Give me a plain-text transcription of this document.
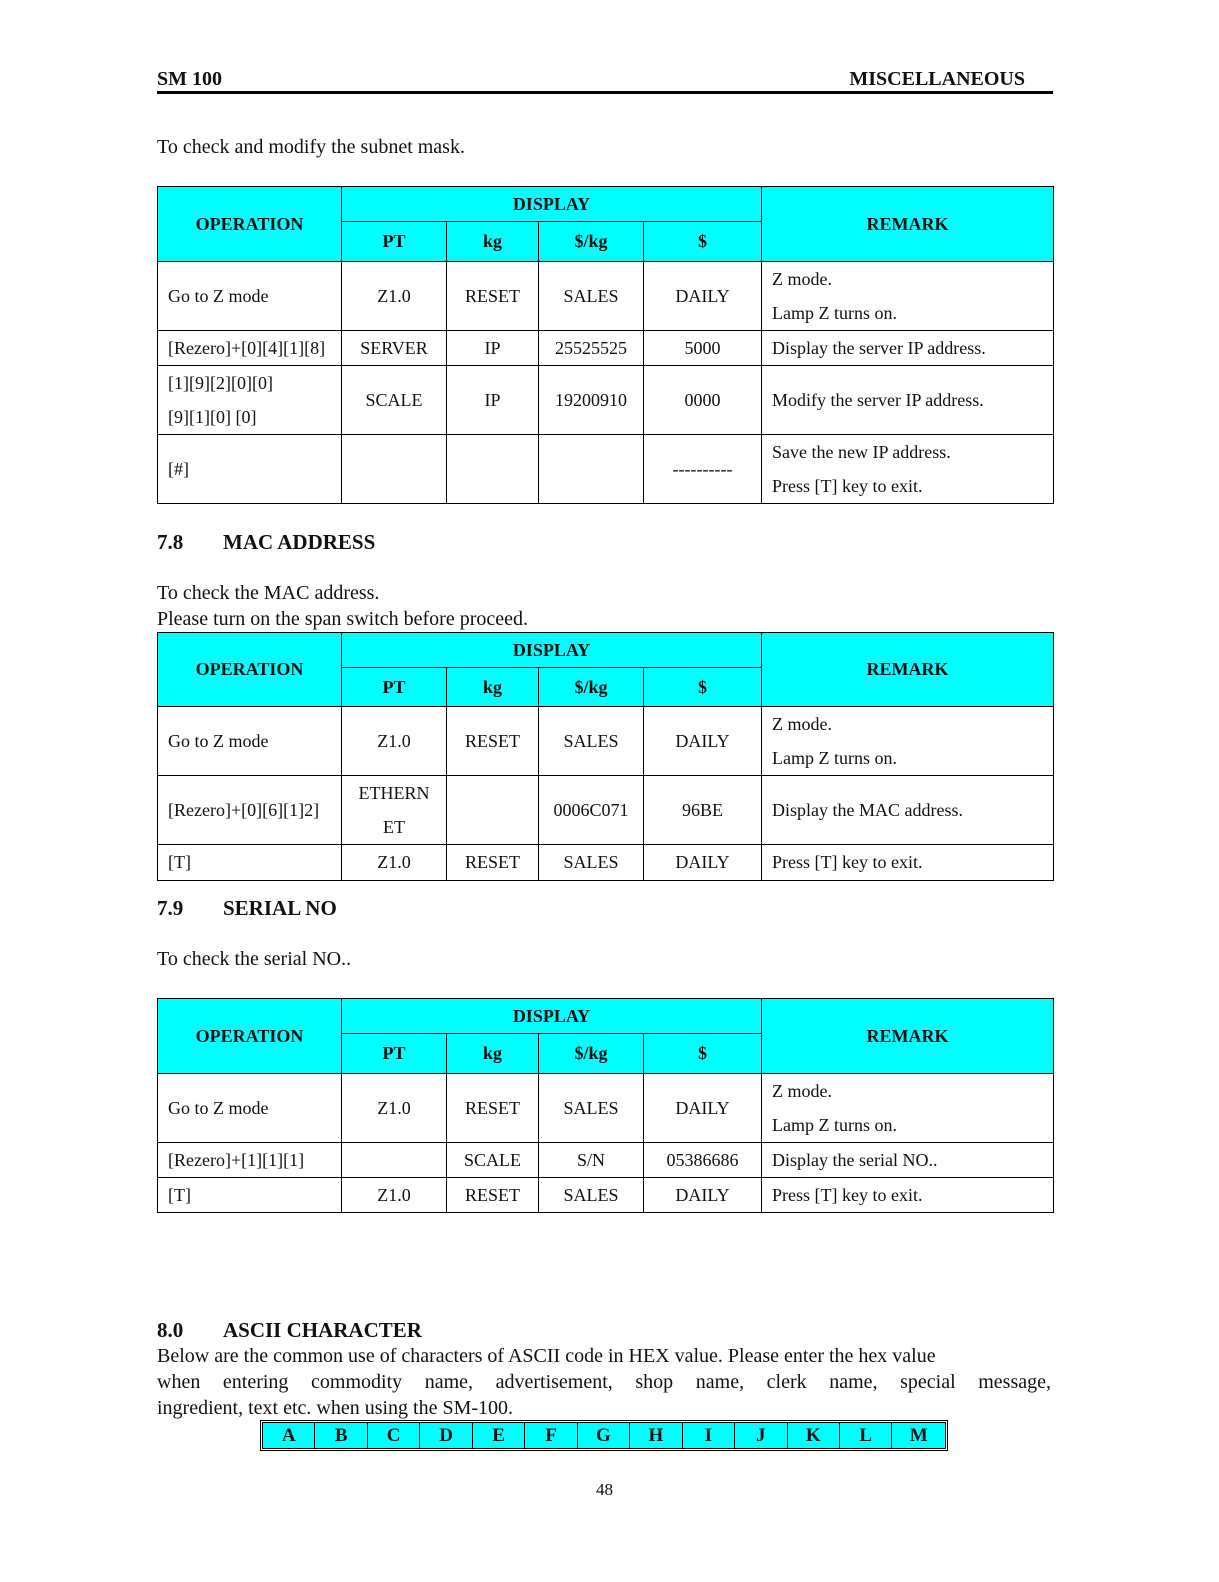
SM 100	MISCELLANEOUS
To check and modify the subnet mask.
OPERATION	DISPLAY				REMARK
	PT	kg	$/kg	$	

Go to Z mode	Z1.0	RESET	SALES	DAILY	Z mode.
Lamp Z turns on.

[Rezero]+[0][4][1][8]	SERVER	IP	25525525	5000	Display the server IP address.

[1][9][2][0][0]
[9][1][0] [0]	SCALE	IP	19200910	0000	Modify the server IP address.

[#]				----------	Save the new IP address.
Press [T] key to exit.
7.8 MAC ADDRESS
To check the MAC address.
Please turn on the span switch before proceed.
OPERATION	DISPLAY				REMARK
	PT	kg	$/kg	$	

Go to Z mode	Z1.0	RESET	SALES	DAILY	Z mode.
Lamp Z turns on.

[Rezero]+[0][6][1]2]	ETHERN
ET		0006C071	96BE	Display the MAC address.

[T]	Z1.0	RESET	SALES	DAILY	Press [T] key to exit.
7.9 SERIAL NO
To check the serial NO..
OPERATION	DISPLAY				REMARK
	PT	kg	$/kg	$	

Go to Z mode	Z1.0	RESET	SALES	DAILY	Z mode.
Lamp Z turns on.

[Rezero]+[1][1][1]		SCALE	S/N	05386686	Display the serial NO..

[T]	Z1.0	RESET	SALES	DAILY	Press [T] key to exit.
8.0 ASCII CHARACTER
Below are the common use of characters of ASCII code in HEX value. Please enter the hex value
when entering commodity name, advertisement, shop name, clerk name, special message,
ingredient, text etc. when using the SM-100.
A	B	C	D	E	F	G	H	I	J	K	L	M
48
